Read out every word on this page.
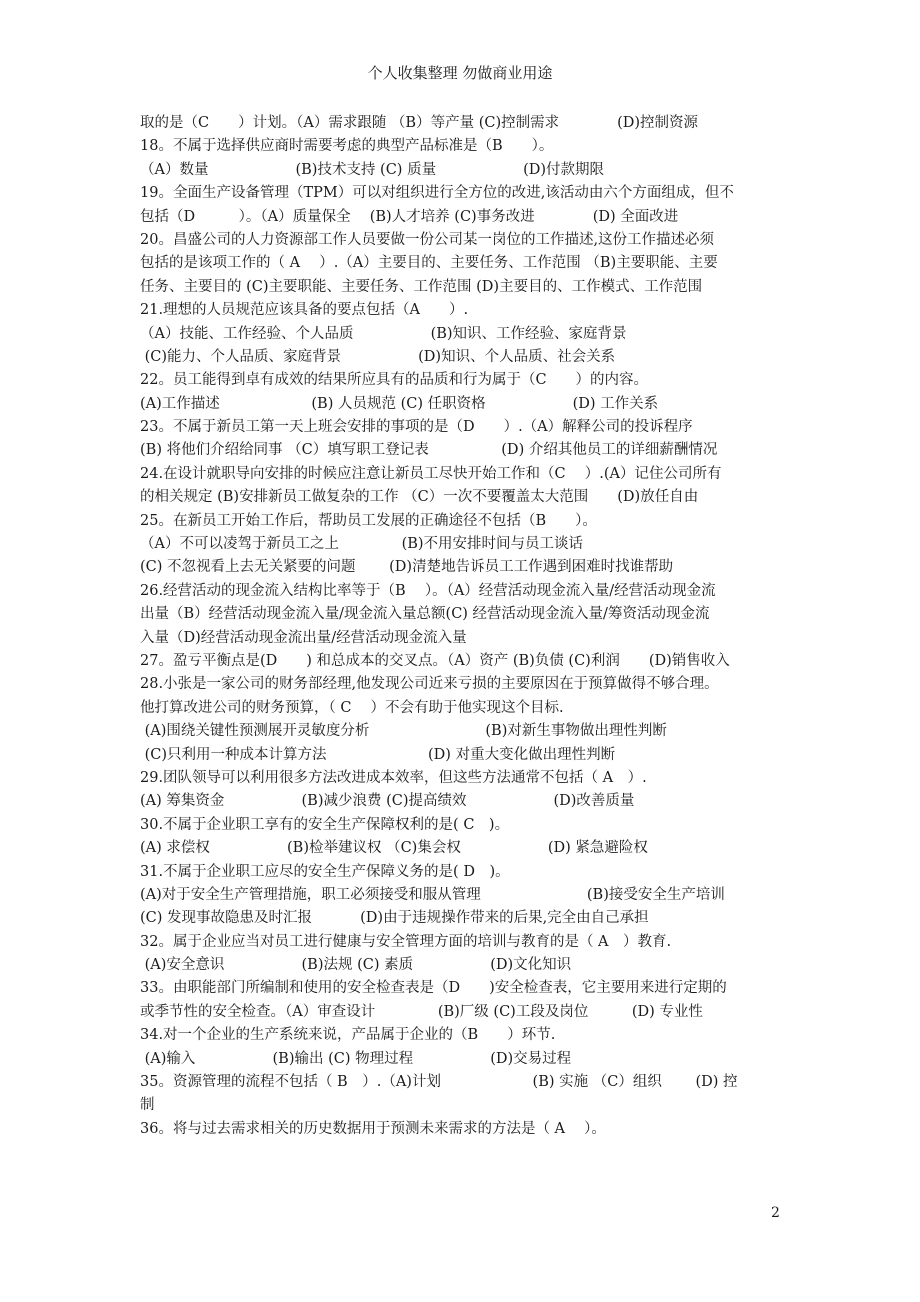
个人收集整理 勿做商业用途
取的是（C　　）计划。（A）需求跟随 （B）等产量 (C)控制需求　　　　(D)控制资源
18。不属于选择供应商时需要考虑的典型产品标准是（B　　）。
（A）数量　　　　　　(B)技术支持 (C) 质量　　　　　　(D)付款期限
19。全面生产设备管理（TPM）可以对组织进行全方位的改进,该活动由六个方面组成，但不
包括（D　　　）。（A）质量保全　 (B)人才培养 (C)事务改进　　　　(D) 全面改进
20。昌盛公司的人力资源部工作人员要做一份公司某一岗位的工作描述,这份工作描述必须
包括的是该项工作的（ A　 ）.（A）主要目的、主要任务、工作范围 （B)主要职能、主要
任务、主要目的 (C)主要职能、主要任务、工作范围 (D)主要目的、工作模式、工作范围
21.理想的人员规范应该具备的要点包括（A　　）.
（A）技能、工作经验、个人品质　　　　　 (B)知识、工作经验、家庭背景
(C)能力、个人品质、家庭背景　　　　　 (D)知识、个人品质、社会关系
22。员工能得到卓有成效的结果所应具有的品质和行为属于（C　　）的内容。
(A)工作描述　　　　　　 (B) 人员规范 (C) 任职资格　　　　　　(D) 工作关系
23。不属于新员工第一天上班会安排的事项的是（D　　）.（A）解释公司的投诉程序
(B) 将他们介绍给同事 （C）填写职工登记表　　　　　(D) 介绍其他员工的详细薪酬情况
24.在设计就职导向安排的时候应注意让新员工尽快开始工作和（C　 ）.(A）记住公司所有
的相关规定 (B)安排新员工做复杂的工作 （C）一次不要覆盖太大范围　　(D)放任自由
25。在新员工开始工作后，帮助员工发展的正确途径不包括（B　　）。
（A）不可以凌驾于新员工之上　　　　 (B)不用安排时间与员工谈话
(C) 不忽视看上去无关紧要的问题　　 (D)清楚地告诉员工工作遇到困难时找谁帮助
26.经营活动的现金流入结构比率等于（B　 ）。（A）经营活动现金流入量/经营活动现金流
出量（B）经营活动现金流入量/现金流入量总额(C) 经营活动现金流入量/筹资活动现金流
入量（D)经营活动现金流出量/经营活动现金流入量
27。盈亏平衡点是(D　　) 和总成本的交叉点。（A）资产 (B)负债 (C)利润　　(D)销售收入
28.小张是一家公司的财务部经理,他发现公司近来亏损的主要原因在于预算做得不够合理。
他打算改进公司的财务预算，（ C　 ）不会有助于他实现这个目标.
(A)围绕关键性预测展开灵敏度分析　　　　　　　　(B)对新生事物做出理性判断
(C)只利用一种成本计算方法　　　　　　　(D) 对重大变化做出理性判断
29.团队领导可以利用很多方法改进成本效率，但这些方法通常不包括（ A　）.
(A) 筹集资金　　　　　 (B)减少浪费 (C)提高绩效　　　　　　(D)改善质量
30.不属于企业职工享有的安全生产保障权利的是( C　)。
(A) 求偿权　　　　　 (B)检举建议权 （C)集会权　　　　　　(D) 紧急避险权
31.不属于企业职工应尽的安全生产保障义务的是( D　)。
(A)对于安全生产管理措施，职工必须接受和服从管理　　　　　　　 (B)接受安全生产培训
(C) 发现事故隐患及时汇报　　　 (D)由于违规操作带来的后果,完全由自己承担
32。属于企业应当对员工进行健康与安全管理方面的培训与教育的是（ A　）教育.
(A)安全意识　　　　　 (B)法规 (C) 素质　　　　　 (D)文化知识
33。由职能部门所编制和使用的安全检查表是（D　　)安全检查表，它主要用来进行定期的
或季节性的安全检查。（A）审查设计　　　　 (B)厂级 (C)工段及岗位　　　(D) 专业性
34.对一个企业的生产系统来说，产品属于企业的（B　　）环节.
(A)输入　　　　　 (B)输出 (C) 物理过程　　　　　 (D)交易过程
35。资源管理的流程不包括（ B　）.（A)计划　　　　　　 (B) 实施 （C）组织　　 (D) 控
制
36。将与过去需求相关的历史数据用于预测未来需求的方法是（ A　 ）。
2
